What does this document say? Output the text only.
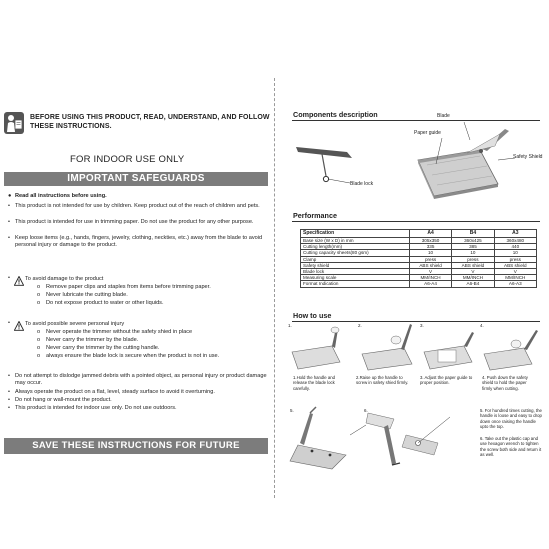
BEFORE USING THIS PRODUCT, READ, UNDERSTAND, AND FOLLOW THESE INSTRUCTIONS.
FOR INDOOR USE ONLY
IMPORTANT SAFEGUARDS
● Read all instructions before using.
• This product is not intended for use by children. Keep product out of the reach of children and pets.
• This product is intended for use in trimming paper. Do not use the product for any other purpose.
• Keep loose items (e.g., hands, fingers, jewelry, clothing, neckties, etc.) away from the blade to avoid personal injury or damage to the product.
•	To avoid damage to the product
o	Remove paper clips and staples from items before trimming paper.
o	Never lubricate the cutting blade.
o	Do not expose product to water or other liquids.
•	To avoid possible severe personal injury
o	Never operate the trimmer without the safety shied in place
o	Never carry the trimmer by the blade.
o	Never carry the trimmer by the cutting handle.
o	always ensure the blade lock is secure when the product is not in use.
• Do not attempt to dislodge jammed debris with a pointed object, as personal injury or product damage may occur.
• Always operate the product on a flat, level, steady surface to avoid it overturning.
• Do not hang or wall-mount the product.
• This product is intended for indoor use only. Do not use outdoors.
SAVE THESE INSTRUCTIONS FOR FUTURE REFERENCE
Components description	Blade
Paper guide
Safety Shield
Blade lock
Performance
Specification	A4	B4	A3
Base size (W x D) in mm	305x350	360x425	360x480
Cutting length(mm)	335	385	440
Cutting capacity sheets(80 gsm)	10	10	10
Clamp	press	press	press
Safety shield	ABS shield	ABS shield	ABS shield
Blade lock	V	V	V
Measuring scale	MM/INCH	MM/INCH	MM/INCH
Format Indication	A6-A4	A6-B4	A6-A3
How to use
1.	2.	3.	4.
1.Hold the handle and release the blade lock carefully.
2.Raise up the handle to screw in safety shied firmly.
3. Adjust the paper guide to proper position.
4. Push down the safety shield to hold the paper firmly when cutting.
5.	6.	5. For hundred times cutting, the handle is loose and easy to drop down once raising the handle upto the top.
6. Take out the plastic cap and use hexagon wrench to tighten the screw both side and return it as well.
